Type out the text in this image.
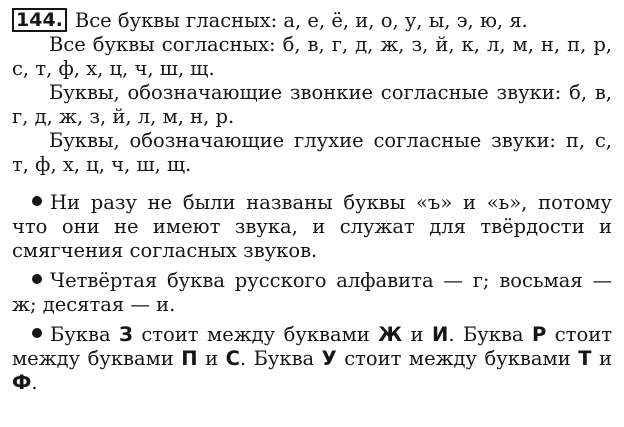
144. Все буквы гласных: а, е, ё, и, о, у, ы, э, ю, я.

Все буквы согласных: б, в, г, д, ж, з, й, к, л, м, н, п, р, с, т, ф, х, ц, ч, ш, щ.

Буквы, обозначающие звонкие согласные звуки: б, в, г, д, ж, з, й, л, м, н, р.

Буквы, обозначающие глухие согласные звуки: п, с, т, ф, х, ц, ч, ш, щ.

Ни разу не были названы буквы «ъ» и «ь», потому что они не имеют звука, и служат для твёрдости и смягчения согласных звуков.

Четвёртая буква русского алфавита — г; восьмая — ж; десятая — и.

Буква З стоит между буквами Ж и И. Буква Р стоит между буквами П и С. Буква У стоит между буквами Т и Ф.
